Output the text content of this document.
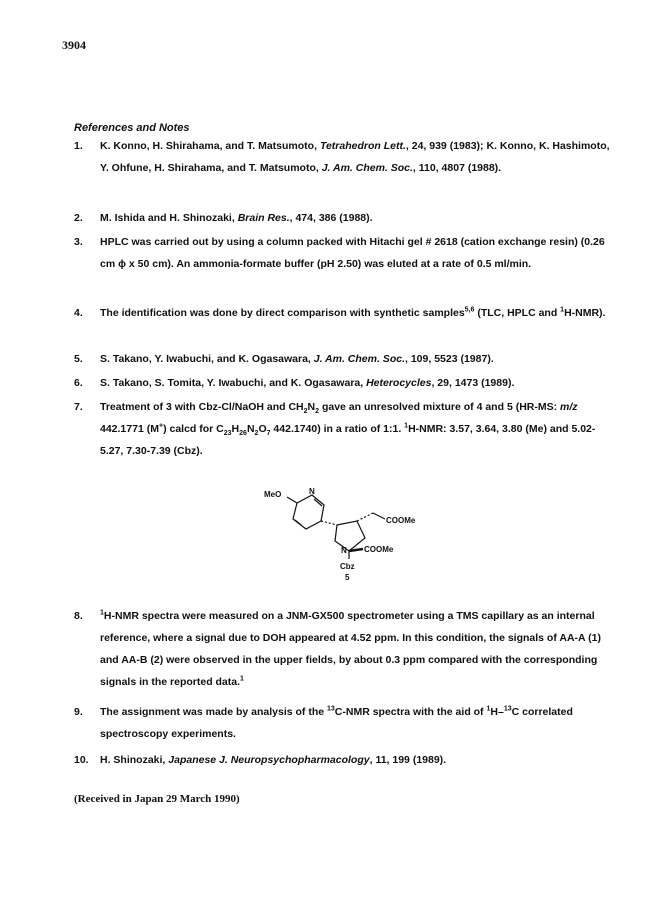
3904
References and Notes
1.	K. Konno, H. Shirahama, and T. Matsumoto, Tetrahedron Lett., 24, 939 (1983); K. Konno, K. Hashimoto, Y. Ohfune, H. Shirahama, and T. Matsumoto, J. Am. Chem. Soc., 110, 4807 (1988).
2.	M. Ishida and H. Shinozaki, Brain Res., 474, 386 (1988).
3.	HPLC was carried out by using a column packed with Hitachi gel # 2618 (cation exchange resin) (0.26 cm ϕ x 50 cm). An ammonia-formate buffer (pH 2.50) was eluted at a rate of 0.5 ml/min.
4.	The identification was done by direct comparison with synthetic samples$^{5,6}$ (TLC, HPLC and $^1$H-NMR).
5.	S. Takano, Y. Iwabuchi, and K. Ogasawara, J. Am. Chem. Soc., 109, 5523 (1987).
6.	S. Takano, S. Tomita, Y. Iwabuchi, and K. Ogasawara, Heterocycles, 29, 1473 (1989).
7.	Treatment of 3 with Cbz-Cl/NaOH and $CH_2N_2$ gave an unresolved mixture of 4 and 5 (HR-MS: m/z 442.1771 (M+) calcd for $C_{23}H_{26}N_2O_7$ 442.1740) in a ratio of 1:1. $^1$H-NMR: 3.57, 3.64, 3.80 (Me) and 5.02-5.27, 7.30-7.39 (Cbz).
MeO	N
COOMe
COOMe
N
Cbz
5
8.	$^1$H-NMR spectra were measured on a JNM-GX500 spectrometer using a TMS capillary as an internal reference, where a signal due to DOH appeared at 4.52 ppm. In this condition, the signals of AA-A (1) and AA-B (2) were observed in the upper fields, by about 0.3 ppm compared with the corresponding signals in the reported data.$^1$
9.	The assignment was made by analysis of the $^{13}$C-NMR spectra with the aid of $^1$H–$^{13}$C correlated spectroscopy experiments.
10.	H. Shinozaki, Japanese J. Neuropsychopharmacology, 11, 199 (1989).
(Received in Japan 29 March 1990)
